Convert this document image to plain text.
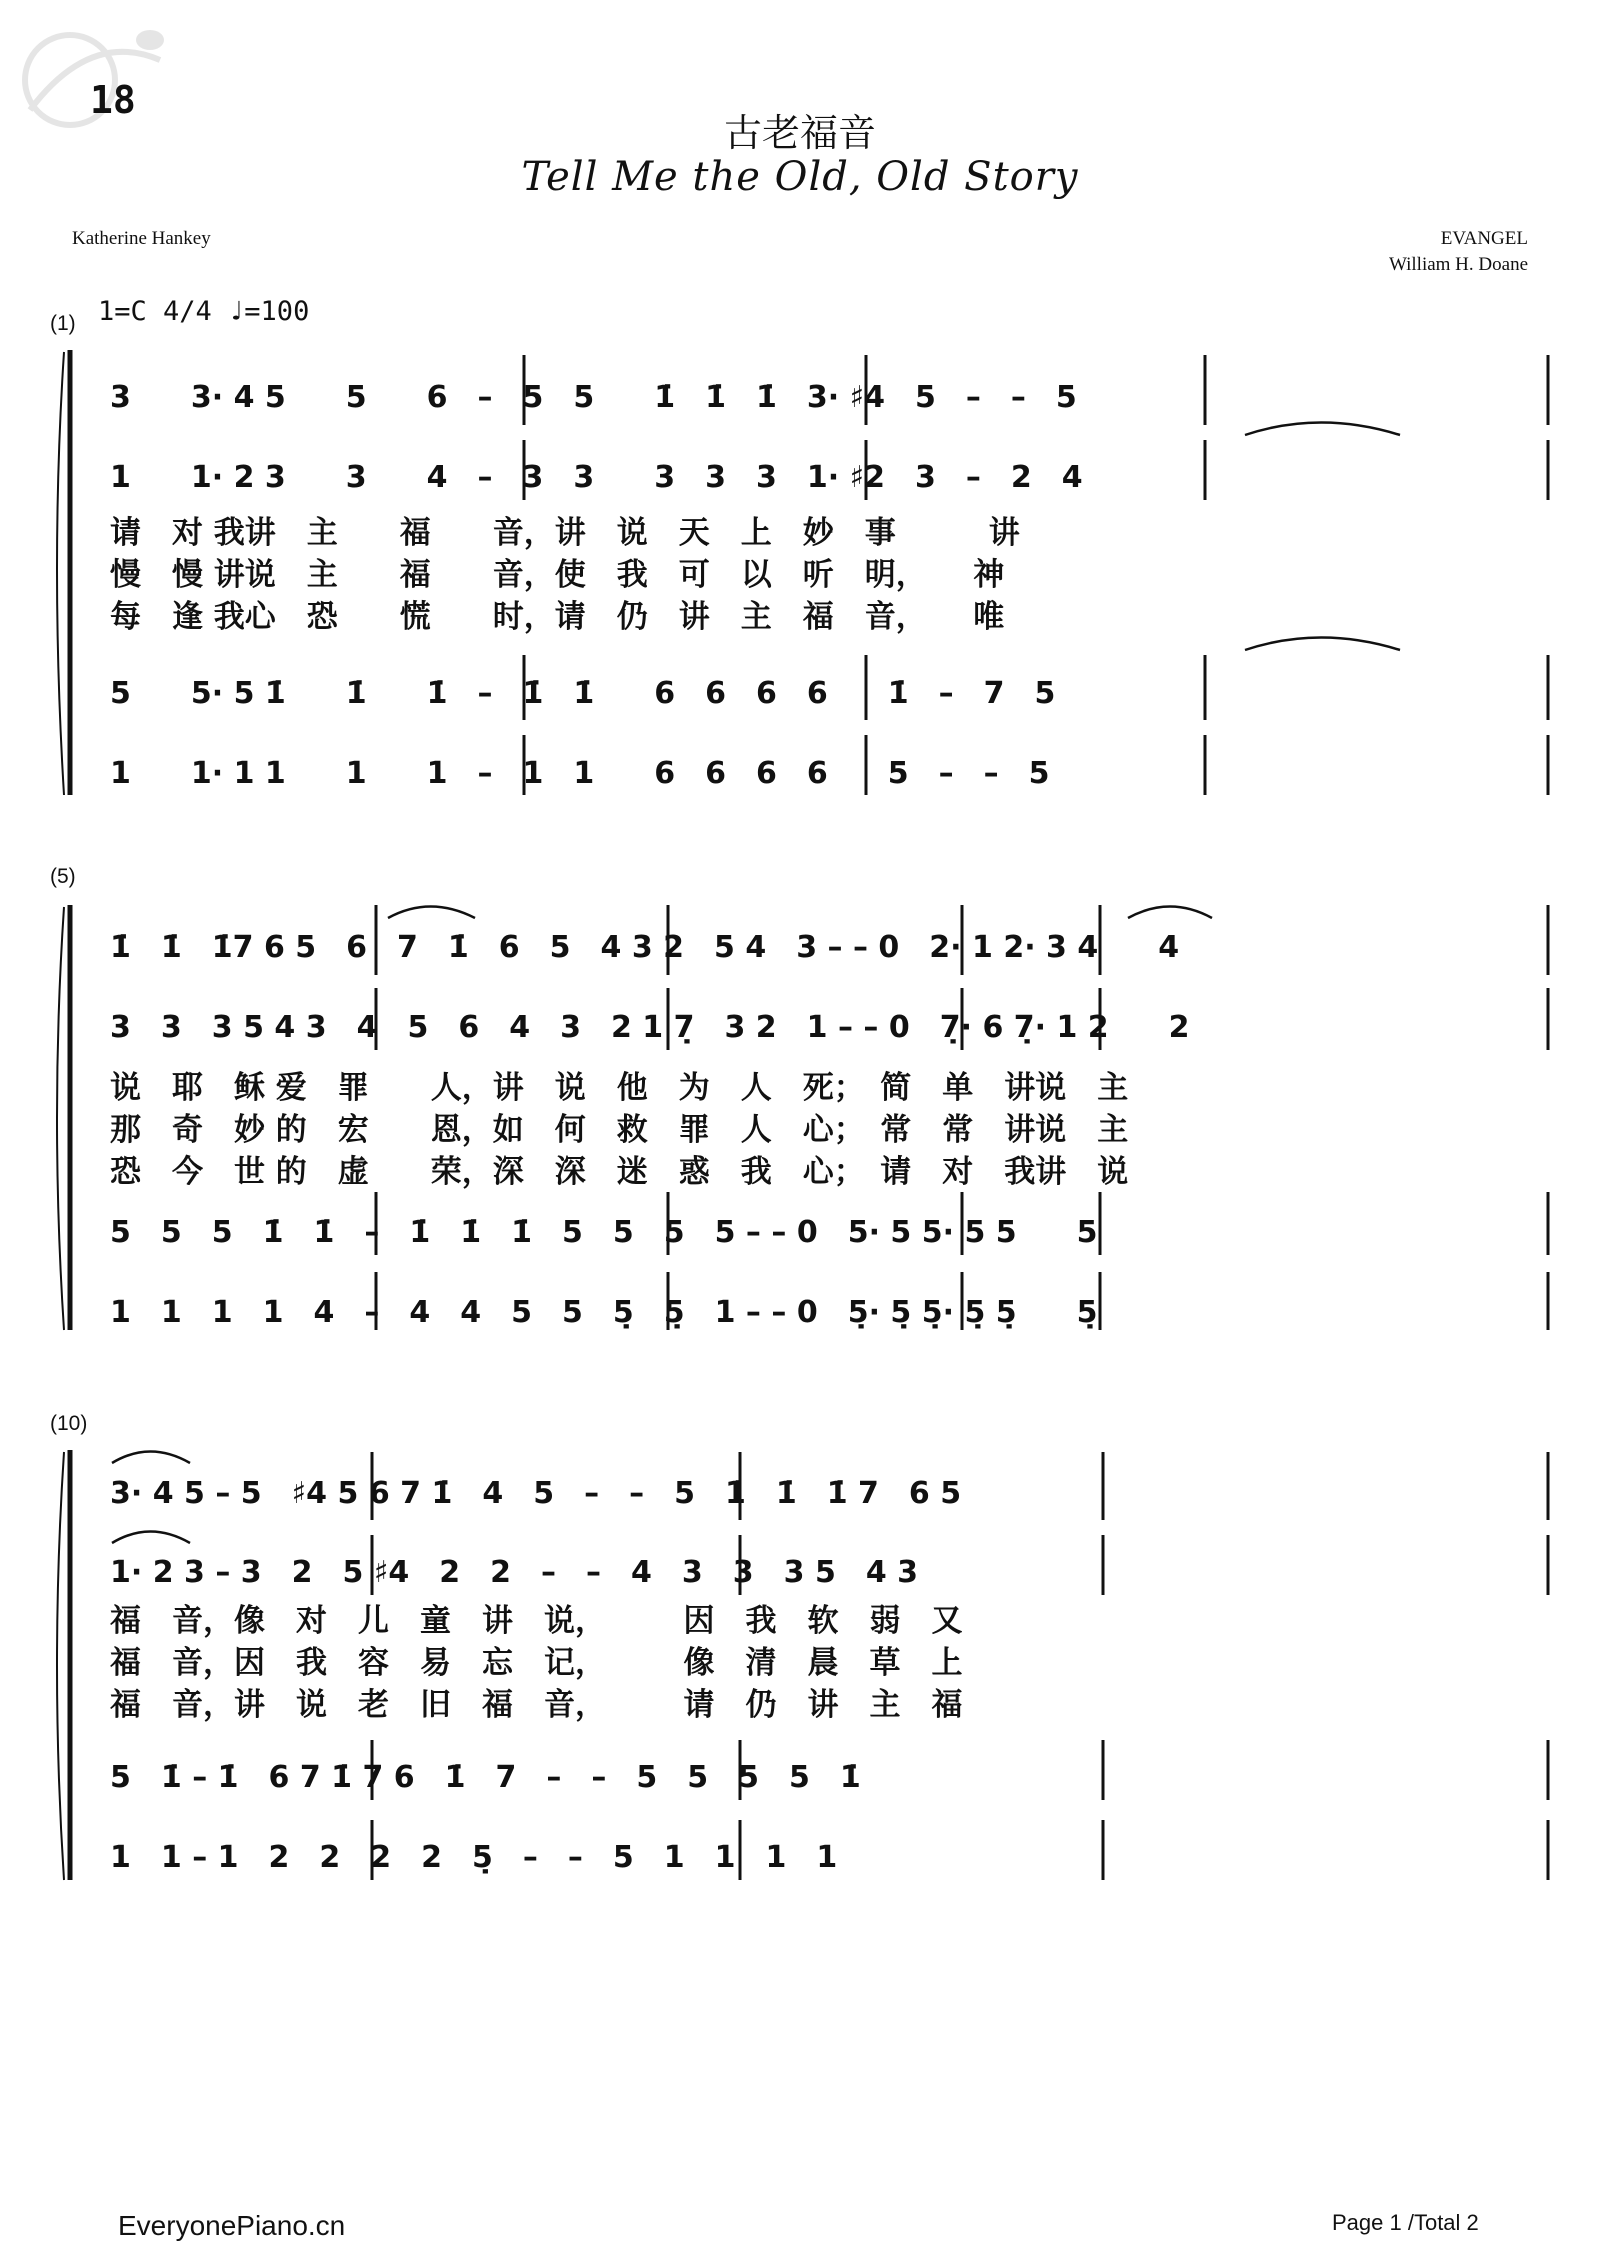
18
古老福音
Tell Me the Old, Old Story
Katherine Hankey	EVANGEL
William H. Doane
1=C 4/4 ♩=100
(1)
3　　3· 4 5　　5　　6　–　5　5　　1̇　1̇　1̇　3· ♯4　5　–　–　5
1　　1· 2 3　　3　　4　–　3　3　　3　3　3　1· ♯2　3　–　2　4
请　对 我讲　主　　福　　音，讲　说　天　上　妙　事　　　讲
慢　慢 讲说　主　　福　　音，使　我　可　以　听　明，　　神
每　逢 我心　恐　　慌　　时，请　仍　讲　主　福　音，　　唯
5　　5· 5 1̇　　1̇　　1̇　–　1̇　1̇　　6　6　6　6　　1̇　–　7　5
1　　1· 1 1　　1　　1　–　1　1　　6　6　6　6　　5　–　–　5
(5)
1̇　1̇　1̇7 6 5　6　7　1̇　6　5　4 3 2　5 4　3 – – 0　2· 1 2· 3 4　　4
3　3　3 5 4 3　4　5　6　4　3　2 1 7̣　3 2　1 – – 0　7̣· 6 7̣· 1 2　　2
说　耶　稣 爱　罪　　人，讲　说　他　为　人　死；　简　单　讲说　主
那　奇　妙 的　宏　　恩，如　何　救　罪　人　心；　常　常　讲说　主
恐　今　世 的　虚　　荣，深　深　迷　惑　我　心；　请　对　我讲　说
5　5　5　1̇　1̇　–　1̇　1̇　1̇　5　5　5　5 – – 0　5· 5 5· 5 5　　5
1　1　1　1　4　–　4　4　5　5　5̣　5̣　1 – – 0　5̣· 5̣ 5̣· 5̣ 5̣　　5̣
(10)
3· 4 5 – 5　♯4 5 6 7 1̇　4　5　–　–　5　1̇　1̇　1̇ 7　6 5
1· 2 3 – 3　2　5 ♯4　2　2　–　–　4　3　3　3 5　4 3
福　音，像　对　儿　童　讲　说，　　　因　我　软　弱　又
福　音，因　我　容　易　忘　记，　　　像　清　晨　草　上
福　音，讲　说　老　旧　福　音，　　　请　仍　讲　主　福
5　1̇ – 1̇　6 7 1̇ 7 6　1̇　7　–　–　5　5　5　5　1̇
1　1 – 1　2　2　2　2　5̣　–　–　5　1　1　1　1
EveryonePiano.cn	Page 1 /Total 2
